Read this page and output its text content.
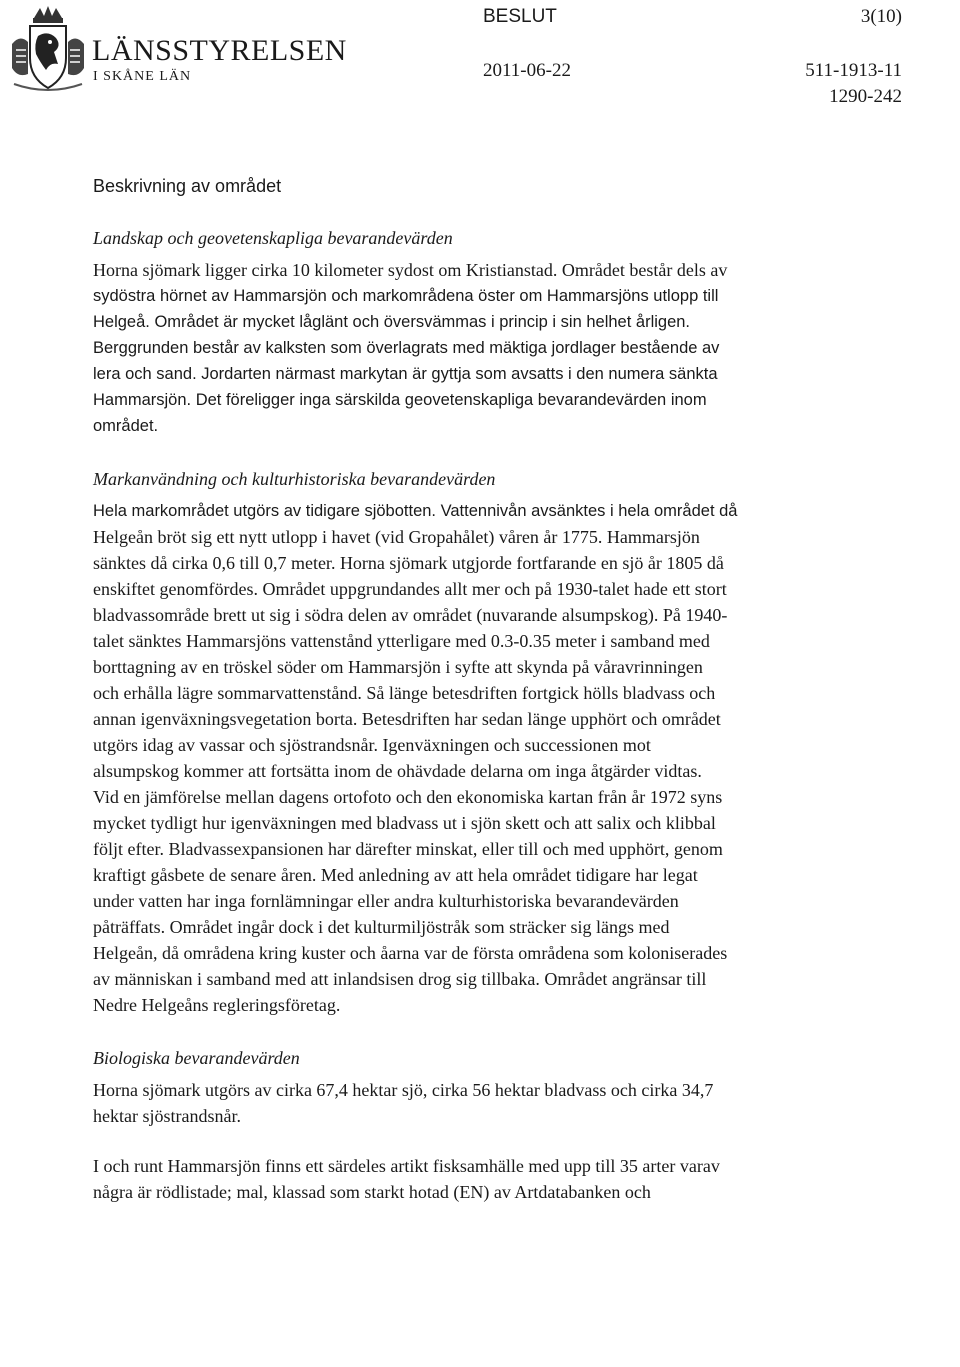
LÄNSSTYRELSEN
I SKÅNE LÄN
BESLUT	3(10)
2011-06-22	511-1913-11
1290-242
Beskrivning av området
Landskap och geovetenskapliga bevarandevärden

Horna sjömark ligger cirka 10 kilometer sydost om Kristianstad. Området består dels av

sydöstra hörnet av Hammarsjön och markområdena öster om Hammarsjöns utlopp till

Helgeå. Området är mycket låglänt och översvämmas i princip i sin helhet årligen.

Berggrunden består av kalksten som överlagrats med mäktiga jordlager bestående av

lera och sand. Jordarten närmast markytan är gyttja som avsatts i den numera sänkta

Hammarsjön. Det föreligger inga särskilda geovetenskapliga bevarandevärden inom

området.

Markanvändning och kulturhistoriska bevarandevärden

Hela markområdet utgörs av tidigare sjöbotten. Vattennivån avsänktes i hela området då

Helgeån bröt sig ett nytt utlopp i havet (vid Gropahålet) våren år 1775. Hammarsjön

sänktes då cirka 0,6 till 0,7 meter. Horna sjömark utgjorde fortfarande en sjö år 1805 då

enskiftet genomfördes. Området uppgrundandes allt mer och på 1930-talet hade ett stort

bladvassområde brett ut sig i södra delen av området (nuvarande alsumpskog). På 1940-

talet sänktes Hammarsjöns vattenstånd ytterligare med 0.3-0.35 meter i samband med

borttagning av en tröskel söder om Hammarsjön i syfte att skynda på våravrinningen

och erhålla lägre sommarvattenstånd. Så länge betesdriften fortgick hölls bladvass och

annan igenväxningsvegetation borta. Betesdriften har sedan länge upphört och området

utgörs idag av vassar och sjöstrandsnår. Igenväxningen och successionen mot

alsumpskog kommer att fortsätta inom de ohävdade delarna om inga åtgärder vidtas.

Vid en jämförelse mellan dagens ortofoto och den ekonomiska kartan från år 1972 syns

mycket tydligt hur igenväxningen med bladvass ut i sjön skett och att salix och klibbal

följt efter. Bladvassexpansionen har därefter minskat, eller till och med upphört, genom

kraftigt gåsbete de senare åren. Med anledning av att hela området tidigare har legat

under vatten har inga fornlämningar eller andra kulturhistoriska bevarandevärden

påträffats. Området ingår dock i det kulturmiljöstråk som sträcker sig längs med

Helgeån, då områdena kring kuster och åarna var de första områdena som koloniserades

av människan i samband med att inlandsisen drog sig tillbaka. Området angränsar till

Nedre Helgeåns regleringsföretag.

Biologiska bevarandevärden

Horna sjömark utgörs av cirka 67,4 hektar sjö, cirka 56 hektar bladvass och cirka 34,7

hektar sjöstrandsnår.

I och runt Hammarsjön finns ett särdeles artikt fisksamhälle med upp till 35 arter varav

några är rödlistade; mal, klassad som starkt hotad (EN) av Artdatabanken och
